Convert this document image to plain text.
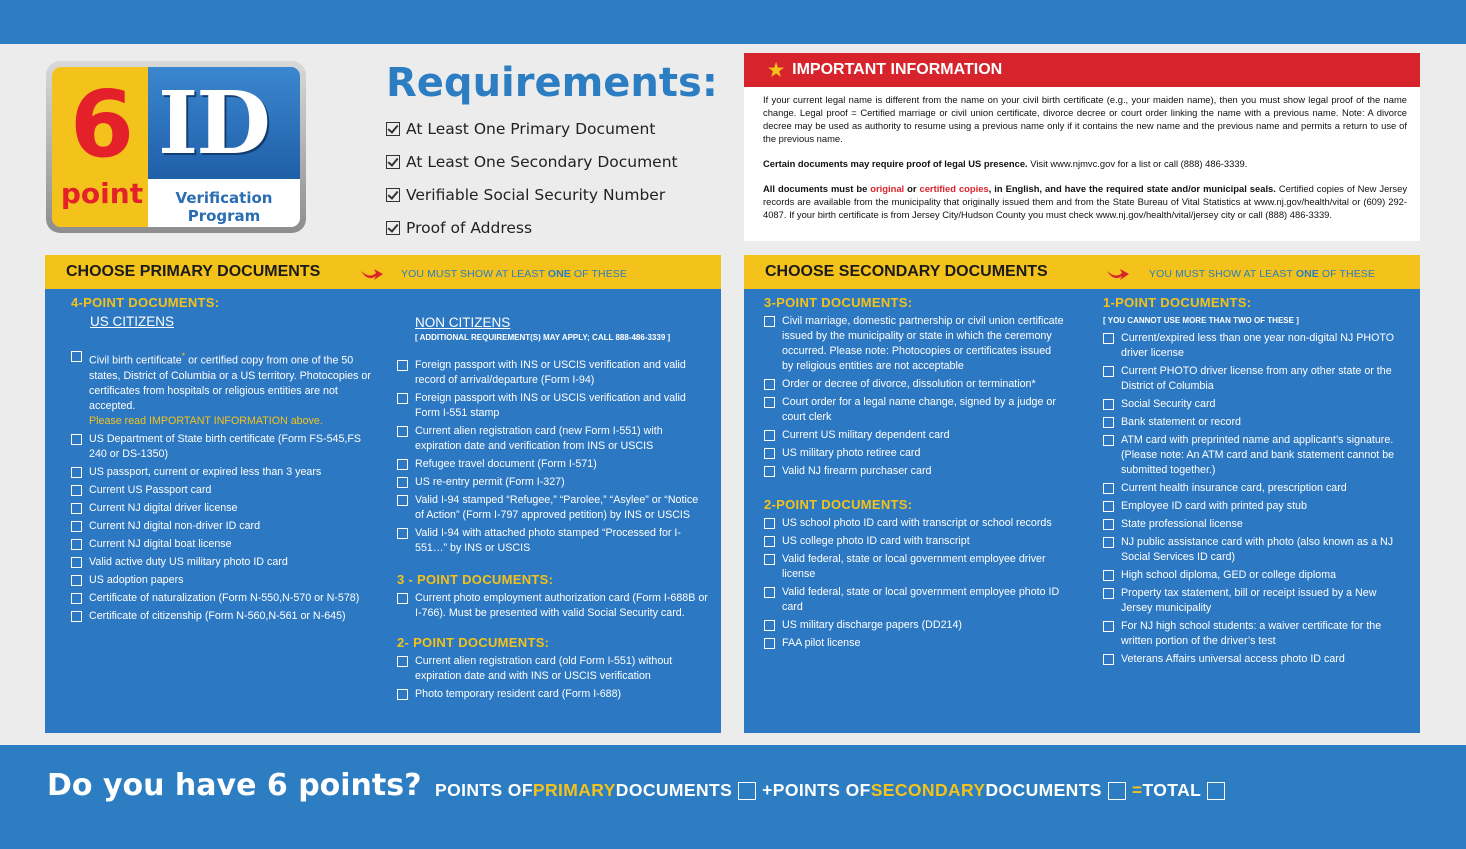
6
point
ID
Verification Program
Requirements:
At Least One Primary Document
At Least One Secondary Document
Verifiable Social Security Number
Proof of Address
★ IMPORTANT INFORMATION

If your current legal name is different from the name on your civil birth certificate (e.g., your maiden name), then you must show legal proof of the name change. Legal proof = Certified marriage or civil union certificate, divorce decree or court order linking the name with a previous name. Note: A divorce decree may be used as authority to resume using a previous name only if it contains the new name and the previous name and permits a return to use of the previous name.

Certain documents may require proof of legal US presence. Visit www.njmvc.gov for a list or call (888) 486-3339.

All documents must be original or certified copies, in English, and have the required state and/or municipal seals. Certified copies of New Jersey records are available from the municipality that originally issued them and from the State Bureau of Vital Statistics at www.nj.gov/health/vital or (609) 292-4087. If your birth certificate is from Jersey City/Hudson County you must check www.nj.gov/health/vital/jersey city or call (888) 486-3339.

CHOOSE PRIMARY DOCUMENTS	YOU MUST SHOW AT LEAST ONE OF THESE
4-POINT DOCUMENTS:
US CITIZENS
Civil birth certificate* or certified copy from one of the 50 states, District of Columbia or a US territory. Photocopies or certificates from hospitals or religious entities are not accepted.
Please read IMPORTANT INFORMATION above.
US Department of State birth certificate (Form FS-545,FS 240 or DS-1350)
US passport, current or expired less than 3 years
Current US Passport card
Current NJ digital driver license
Current NJ digital non-driver ID card
Current NJ digital boat license
Valid active duty US military photo ID card
US adoption papers
Certificate of naturalization (Form N-550,N-570 or N-578)
Certificate of citizenship (Form N-560,N-561 or N-645)
NON CITIZENS
[ ADDITIONAL REQUIREMENT(S) MAY APPLY; CALL 888-486-3339 ]
Foreign passport with INS or USCIS verification and valid record of arrival/departure (Form I-94)
Foreign passport with INS or USCIS verification and valid Form I-551 stamp
Current alien registration card (new Form I-551) with expiration date and verification from INS or USCIS
Refugee travel document (Form I-571)
US re-entry permit (Form I-327)
Valid I-94 stamped “Refugee,” “Parolee,” “Asylee” or “Notice of Action” (Form I-797 approved petition) by INS or USCIS
Valid I-94 with attached photo stamped “Processed for I-551…” by INS or USCIS
3 - POINT DOCUMENTS:
Current photo employment authorization card (Form I-688B or I-766). Must be presented with valid Social Security card.
2- POINT DOCUMENTS:
Current alien registration card (old Form I-551) without expiration date and with INS or USCIS verification
Photo temporary resident card (Form I-688)
CHOOSE SECONDARY DOCUMENTS	YOU MUST SHOW AT LEAST ONE OF THESE
3-POINT DOCUMENTS:
Civil marriage, domestic partnership or civil union certificate issued by the municipality or state in which the ceremony occurred. Please note: Photocopies or certificates issued by religious entities are not acceptable
Order or decree of divorce, dissolution or termination*
Court order for a legal name change, signed by a judge or court clerk
Current US military dependent card
US military photo retiree card
Valid NJ firearm purchaser card
2-POINT DOCUMENTS:
US school photo ID card with transcript or school records
US college photo ID card with transcript
Valid federal, state or local government employee driver license
Valid federal, state or local government employee photo ID card
US military discharge papers (DD214)
FAA pilot license
1-POINT DOCUMENTS:
[ YOU CANNOT USE MORE THAN TWO OF THESE ]
Current/expired less than one year non-digital NJ PHOTO driver license
Current PHOTO driver license from any other state or the District of Columbia
Social Security card
Bank statement or record
ATM card with preprinted name and applicant’s signature. (Please note: An ATM card and bank statement cannot be submitted together.)
Current health insurance card, prescription card
Employee ID card with printed pay stub
State professional license
NJ public assistance card with photo (also known as a NJ Social Services ID card)
High school diploma, GED or college diploma
Property tax statement, bill or receipt issued by a New Jersey municipality
For NJ high school students: a waiver certificate for the written portion of the driver’s test
Veterans Affairs universal access photo ID card
Do you have 6 points? POINTS OF PRIMARY DOCUMENTS + POINTS OF SECONDARY DOCUMENTS = TOTAL
